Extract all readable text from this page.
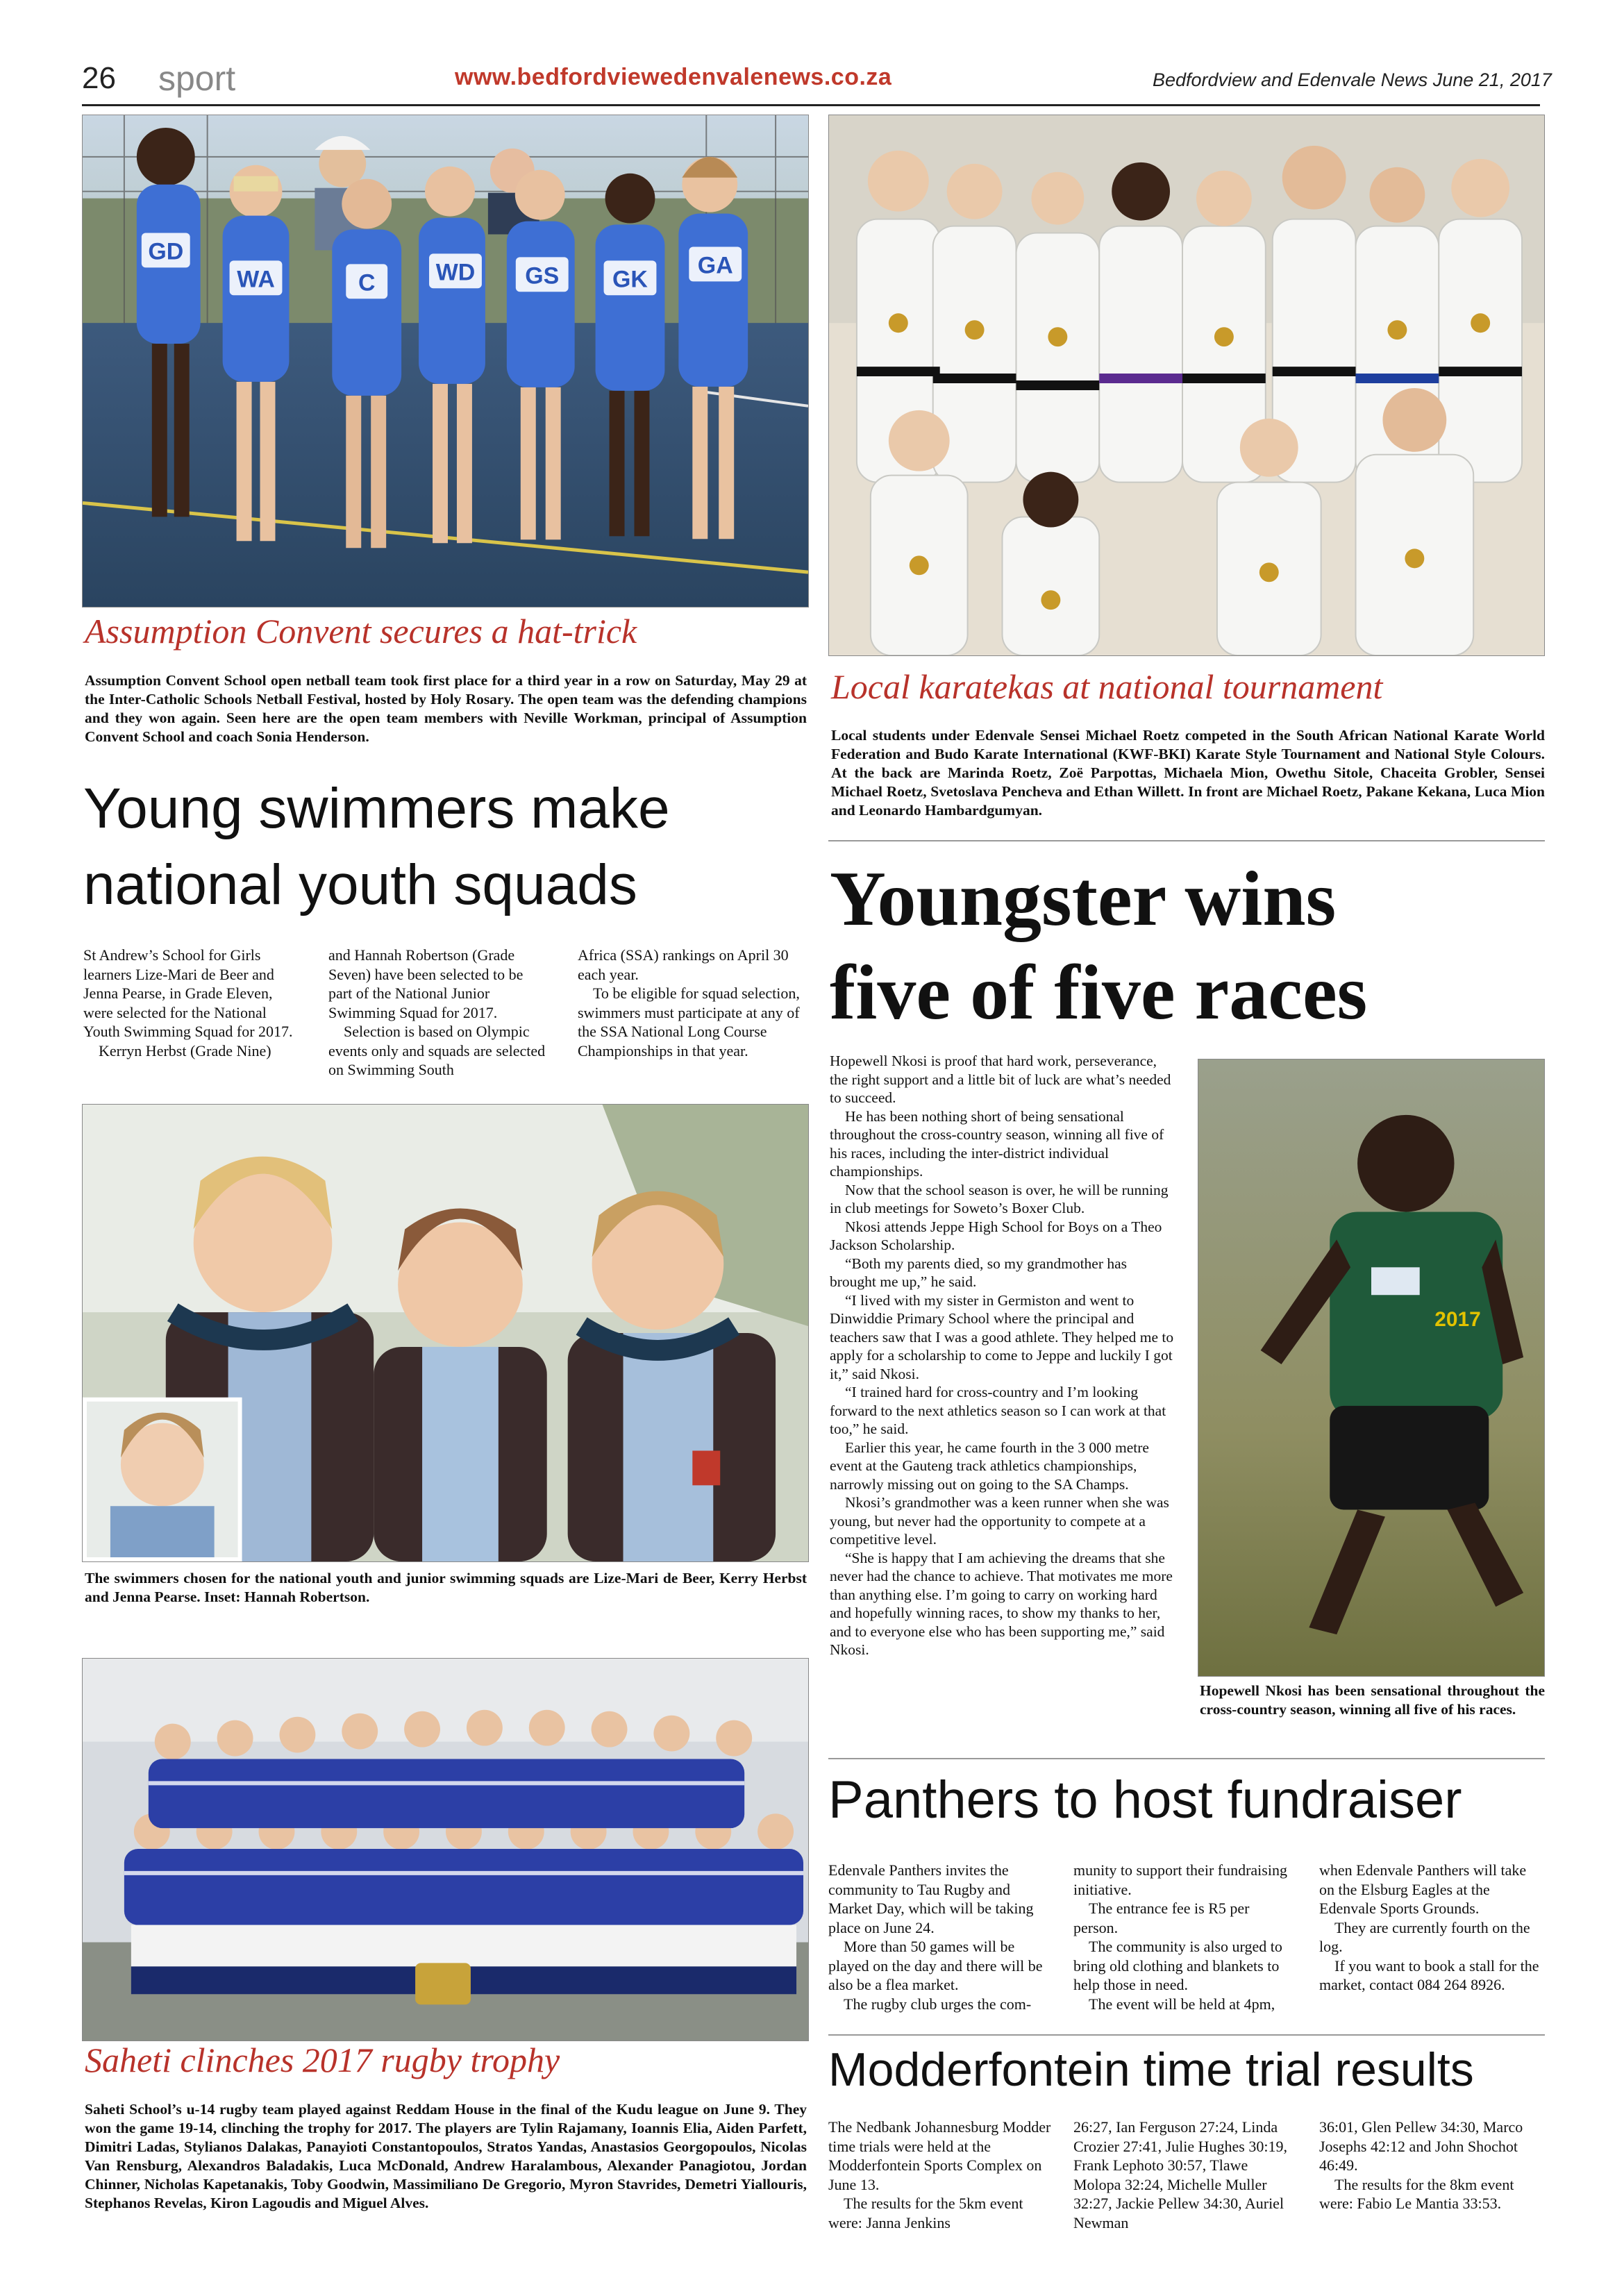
26 sport	www.bedfordviewedenvalenews.co.za	Bedfordview and Edenvale News June 21, 2017
GD
WA	C	WD GS GK
GA
Assumption Convent secures a hat-trick
Assumption Convent School open netball team took first place for a third year in a row on Saturday, May 29 at the Inter-Catholic Schools Netball Festival, hosted by Holy Rosary. The open team was the defending champions and they won again. Seen here are the open team members with Neville Workman, principal of Assumption Convent School and coach Sonia Henderson.
Local karatekas at national tournament
Local students under Edenvale Sensei Michael Roetz competed in the South African National Karate World Federation and Budo Karate International (KWF-BKI) Karate Style Tournament and National Style Colours. At the back are Marinda Roetz, Zoë Parpottas, Michaela Mion, Owethu Sitole, Chaceita Grobler, Sensei Michael Roetz, Svetoslava Pencheva and Ethan Willett. In front are Michael Roetz, Pakane Kekana, Luca Mion and Leonardo Hambardgumyan.
Young swimmers make national youth squads

St Andrew’s School for Girls learners Lize-Mari de Beer and Jenna Pearse, in Grade Eleven, were selected for the National Youth Swimming Squad for 2017.

Kerryn Herbst (Grade Nine)

and Hannah Robertson (Grade Seven) have been selected to be part of the National Junior Swimming Squad for 2017.

Selection is based on Olympic events only and squads are selected on Swimming South

Africa (SSA) rankings on April 30 each year.

To be eligible for squad selection, swimmers must participate at any of the SSA National Long Course Championships in that year.

The swimmers chosen for the national youth and junior swimming squads are Lize-Mari de Beer, Kerry Herbst and Jenna Pearse. Inset: Hannah Robertson.
Youngster wins
five of five races

Hopewell Nkosi is proof that hard work, perseverance, the right support and a little bit of luck are what’s needed to succeed.

He has been nothing short of being sensational throughout the cross-country season, winning all five of his races, including the inter-district individual championships.

Now that the school season is over, he will be running in club meetings for Soweto’s Boxer Club.

Nkosi attends Jeppe High School for Boys on a Theo Jackson Scholarship.

“Both my parents died, so my grandmother has brought me up,” he said.

“I lived with my sister in Germiston and went to Dinwiddie Primary School where the principal and teachers saw that I was a good athlete. They helped me to apply for a scholarship to come to Jeppe and luckily I got it,” said Nkosi.

“I trained hard for cross-country and I’m looking forward to the next athletics season so I can work at that too,” he said.

Earlier this year, he came fourth in the 3 000 metre event at the Gauteng track athletics championships, narrowly missing out on going to the SA Champs.

Nkosi’s grandmother was a keen runner when she was young, but never had the opportunity to compete at a competitive level.

“She is happy that I am achieving the dreams that she never had the chance to achieve. That motivates me more than anything else. I’m going to carry on working hard and hopefully winning races, to show my thanks to her, and to everyone else who has been supporting me,” said Nkosi.

2017
Hopewell Nkosi has been sensational throughout the cross-country season, winning all five of his races.
Saheti clinches 2017 rugby trophy
Saheti School’s u-14 rugby team played against Reddam House in the final of the Kudu league on June 9. They won the game 19-14, clinching the trophy for 2017. The players are Tylin Rajamany, Ioannis Elia, Aiden Parfett, Dimitri Ladas, Stylianos Dalakas, Panayioti Constantopoulos, Stratos Yandas, Anastasios Georgopoulos, Nicolas Van Rensburg, Alexandros Baladakis, Luca McDonald, Andrew Haralambous, Alexander Panagiotou, Jordan Chinner, Nicholas Kapetanakis, Toby Goodwin, Massimiliano De Gregorio, Myron Stavrides, Demetri Yiallouris, Stephanos Revelas, Kiron Lagoudis and Miguel Alves.
Panthers to host fundraiser

Edenvale Panthers invites the community to Tau Rugby and Market Day, which will be taking place on June 24.

More than 50 games will be played on the day and there will be also be a flea market.

The rugby club urges the com-

munity to support their fundraising initiative.

The entrance fee is R5 per person.

The community is also urged to bring old clothing and blankets to help those in need.

The event will be held at 4pm,

when Edenvale Panthers will take on the Elsburg Eagles at the Edenvale Sports Grounds.

They are currently fourth on the log.

If you want to book a stall for the market, contact 084 264 8926.

Modderfontein time trial results

The Nedbank Johannesburg Modder time trials were held at the Modderfontein Sports Complex on June 13.

The results for the 5km event were: Janna Jenkins

26:27, Ian Ferguson 27:24, Linda Crozier 27:41, Julie Hughes 30:19, Frank Lephoto 30:57, Tlawe Molopa 32:24, Michelle Muller 32:27, Jackie Pellew 34:30, Auriel Newman

36:01, Glen Pellew 34:30, Marco Josephs 42:12 and John Shochot 46:49.

The results for the 8km event were: Fabio Le Mantia 33:53.
